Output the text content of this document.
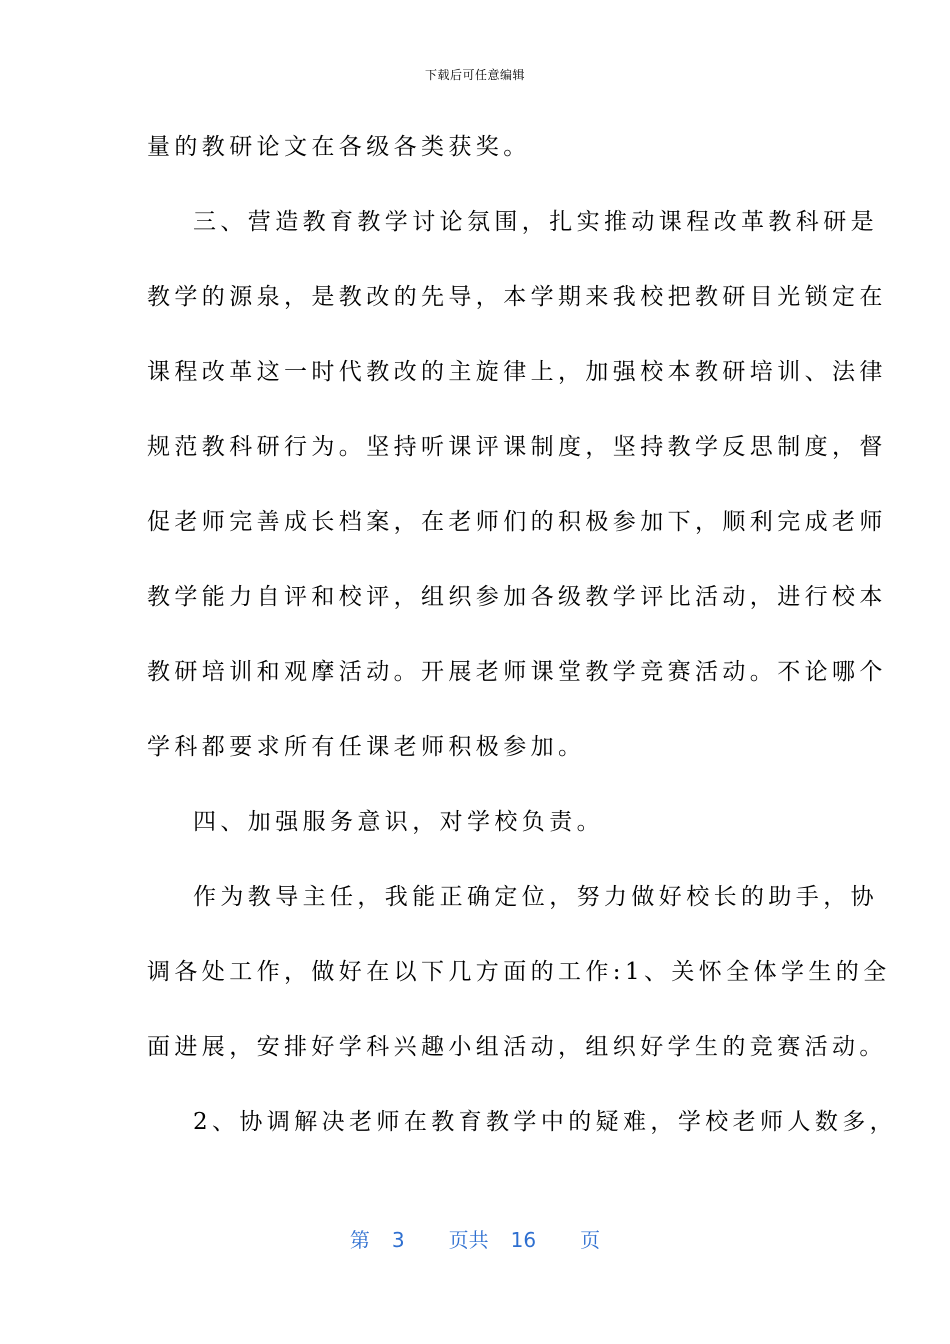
下载后可任意编辑
量的教研论文在各级各类获奖。
三、营造教育教学讨论氛围，扎实推动课程改革教科研是
教学的源泉，是教改的先导，本学期来我校把教研目光锁定在
课程改革这一时代教改的主旋律上，加强校本教研培训、法律
规范教科研行为。坚持听课评课制度，坚持教学反思制度，督
促老师完善成长档案，在老师们的积极参加下，顺利完成老师
教学能力自评和校评，组织参加各级教学评比活动，进行校本
教研培训和观摩活动。开展老师课堂教学竞赛活动。不论哪个
学科都要求所有任课老师积极参加。
四、加强服务意识，对学校负责。
作为教导主任，我能正确定位，努力做好校长的助手，协
调各处工作，做好在以下几方面的工作:1、关怀全体学生的全
面进展，安排好学科兴趣小组活动，组织好学生的竞赛活动。
2、协调解决老师在教育教学中的疑难，学校老师人数多，
第 3 页共 16 页
